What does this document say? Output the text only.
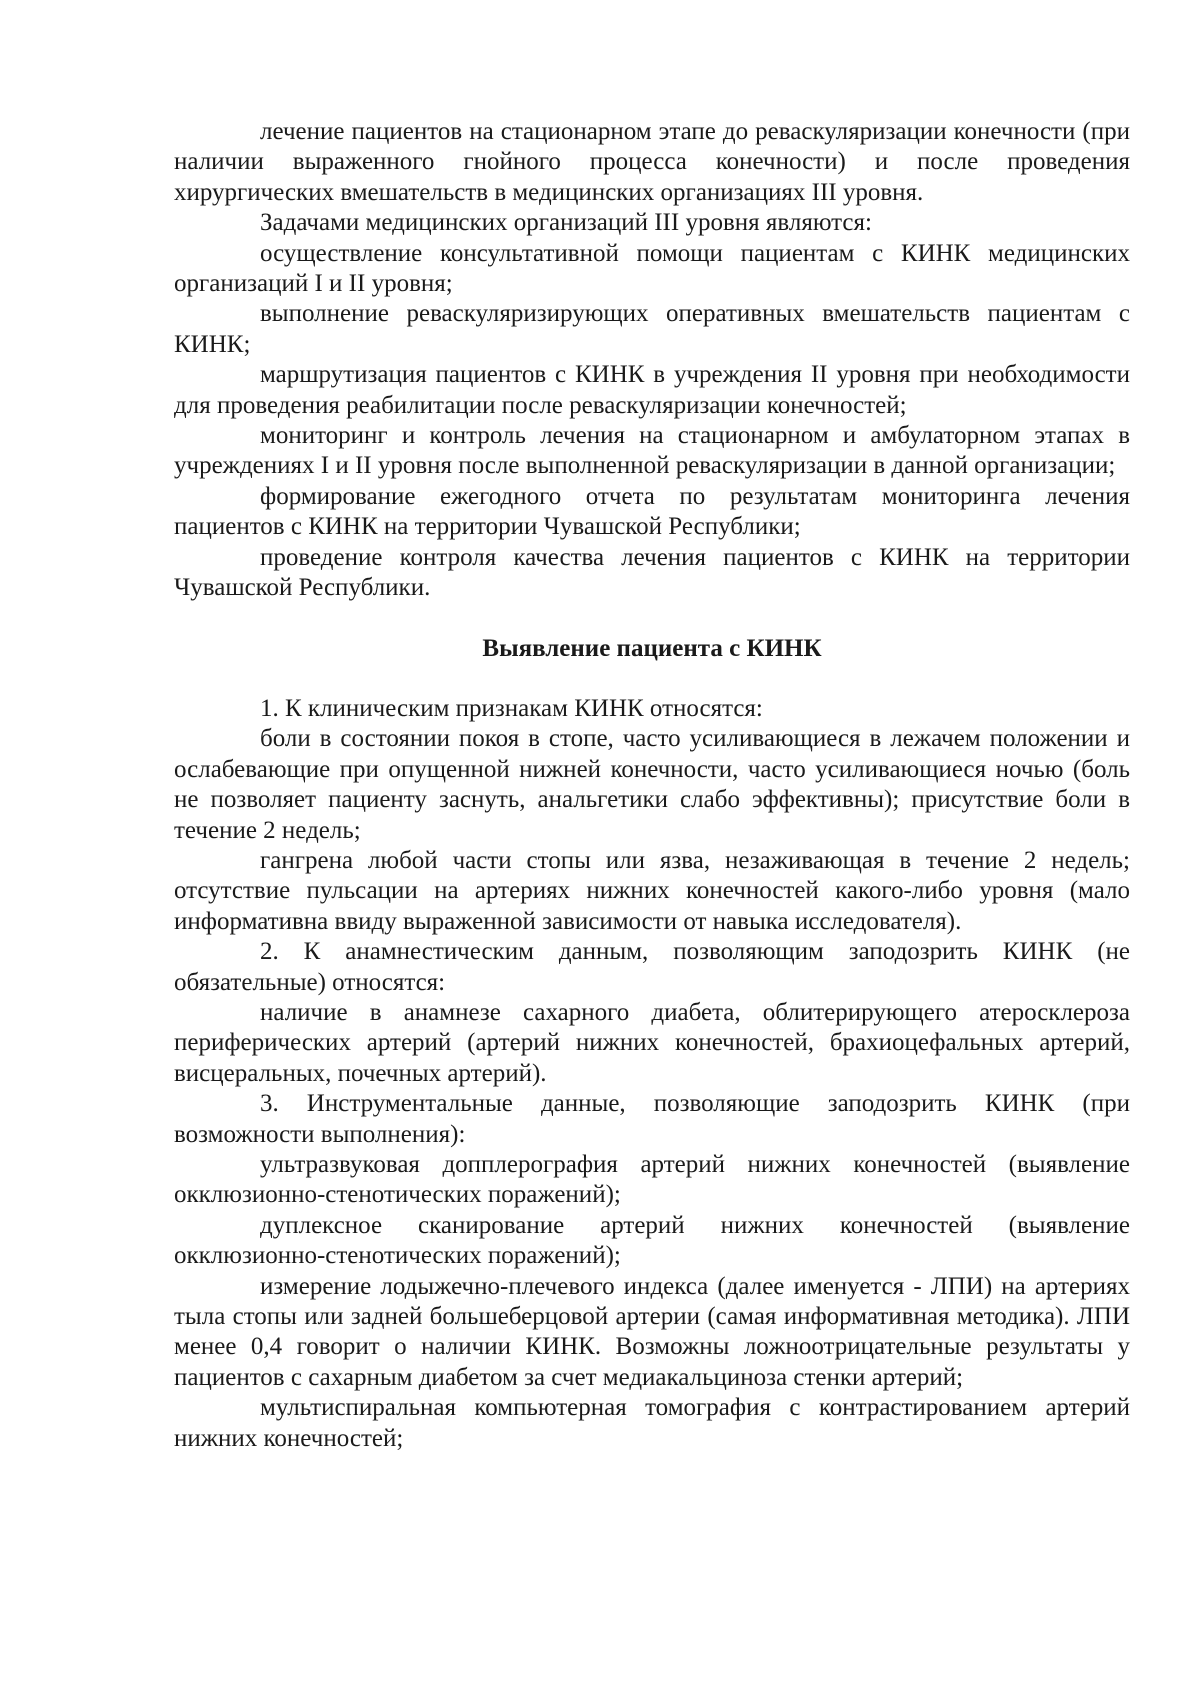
лечение пациентов на стационарном этапе до реваскуляризации конечности (при наличии выраженного гнойного процесса конечности) и после проведения хирургических вмешательств в медицинских организациях III уровня.

Задачами медицинских организаций III уровня являются:

осуществление консультативной помощи пациентам с КИНК медицинских организаций I и II уровня;

выполнение реваскуляризирующих оперативных вмешательств пациентам с КИНК;

маршрутизация пациентов с КИНК в учреждения II уровня при необходимости для проведения реабилитации после реваскуляризации конечностей;

мониторинг и контроль лечения на стационарном и амбулаторном этапах в учреждениях I и II уровня после выполненной реваскуляризации в данной организации;

формирование ежегодного отчета по результатам мониторинга лечения пациентов с КИНК на территории Чувашской Республики;

проведение контроля качества лечения пациентов с КИНК на территории Чувашской Республики.

Выявление пациента с КИНК

1. К клиническим признакам КИНК относятся:

боли в состоянии покоя в стопе, часто усиливающиеся в лежачем положении и ослабевающие при опущенной нижней конечности, часто усиливающиеся ночью (боль не позволяет пациенту заснуть, анальгетики слабо эффективны); присутствие боли в течение 2 недель;

гангрена любой части стопы или язва, незаживающая в течение 2 недель; отсутствие пульсации на артериях нижних конечностей какого-либо уровня (мало информативна ввиду выраженной зависимости от навыка исследователя).

2. К анамнестическим данным, позволяющим заподозрить КИНК (не обязательные) относятся:

наличие в анамнезе сахарного диабета, облитерирующего атеросклероза периферических артерий (артерий нижних конечностей, брахиоцефальных артерий, висцеральных, почечных артерий).

3. Инструментальные данные, позволяющие заподозрить КИНК (при возможности выполнения):

ультразвуковая допплерография артерий нижних конечностей (выявление окклюзионно-стенотических поражений);

дуплексное сканирование артерий нижних конечностей (выявление окклюзионно-стенотических поражений);

измерение лодыжечно-плечевого индекса (далее именуется - ЛПИ) на артериях тыла стопы или задней большеберцовой артерии (самая информативная методика). ЛПИ менее 0,4 говорит о наличии КИНК. Возможны ложноотрицательные результаты у пациентов с сахарным диабетом за счет медиакальциноза стенки артерий;

мультиспиральная компьютерная томография с контрастированием артерий нижних конечностей;
